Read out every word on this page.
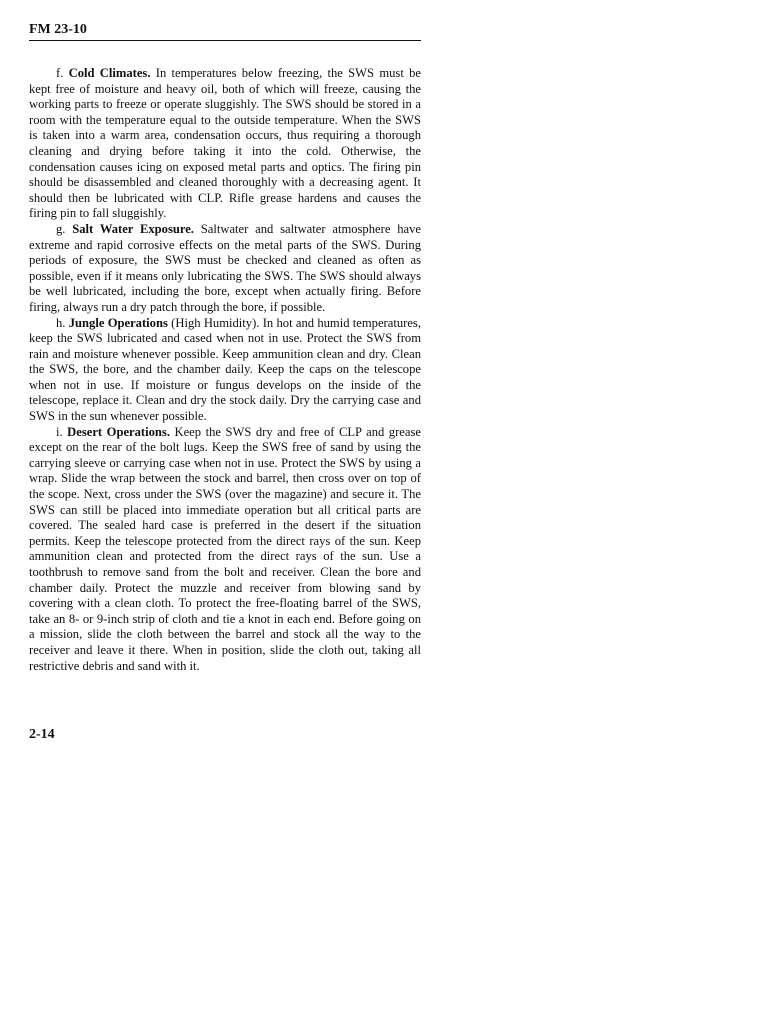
FM 23-10

f. Cold Climates. In temperatures below freezing, the SWS must be kept free of moisture and heavy oil, both of which will freeze, causing the working parts to freeze or operate sluggishly. The SWS should be stored in a room with the temperature equal to the outside temperature. When the SWS is taken into a warm area, condensation occurs, thus requiring a thorough cleaning and drying before taking it into the cold. Otherwise, the condensation causes icing on exposed metal parts and optics. The firing pin should be disassembled and cleaned thoroughly with a decreasing agent. It should then be lubricated with CLP. Rifle grease hardens and causes the firing pin to fall sluggishly.

g. Salt Water Exposure. Saltwater and saltwater atmosphere have extreme and rapid corrosive effects on the metal parts of the SWS. During periods of exposure, the SWS must be checked and cleaned as often as possible, even if it means only lubricating the SWS. The SWS should always be well lubricated, including the bore, except when actually firing. Before firing, always run a dry patch through the bore, if possible.

h. Jungle Operations (High Humidity). In hot and humid temperatures, keep the SWS lubricated and cased when not in use. Protect the SWS from rain and moisture whenever possible. Keep ammunition clean and dry. Clean the SWS, the bore, and the chamber daily. Keep the caps on the telescope when not in use. If moisture or fungus develops on the inside of the telescope, replace it. Clean and dry the stock daily. Dry the carrying case and SWS in the sun whenever possible.

i. Desert Operations. Keep the SWS dry and free of CLP and grease except on the rear of the bolt lugs. Keep the SWS free of sand by using the carrying sleeve or carrying case when not in use. Protect the SWS by using a wrap. Slide the wrap between the stock and barrel, then cross over on top of the scope. Next, cross under the SWS (over the magazine) and secure it. The SWS can still be placed into immediate operation but all critical parts are covered. The sealed hard case is preferred in the desert if the situation permits. Keep the telescope protected from the direct rays of the sun. Keep ammunition clean and protected from the direct rays of the sun. Use a toothbrush to remove sand from the bolt and receiver. Clean the bore and chamber daily. Protect the muzzle and receiver from blowing sand by covering with a clean cloth. To protect the free-floating barrel of the SWS, take an 8- or 9-inch strip of cloth and tie a knot in each end. Before going on a mission, slide the cloth between the barrel and stock all the way to the receiver and leave it there. When in position, slide the cloth out, taking all restrictive debris and sand with it.

2-14
